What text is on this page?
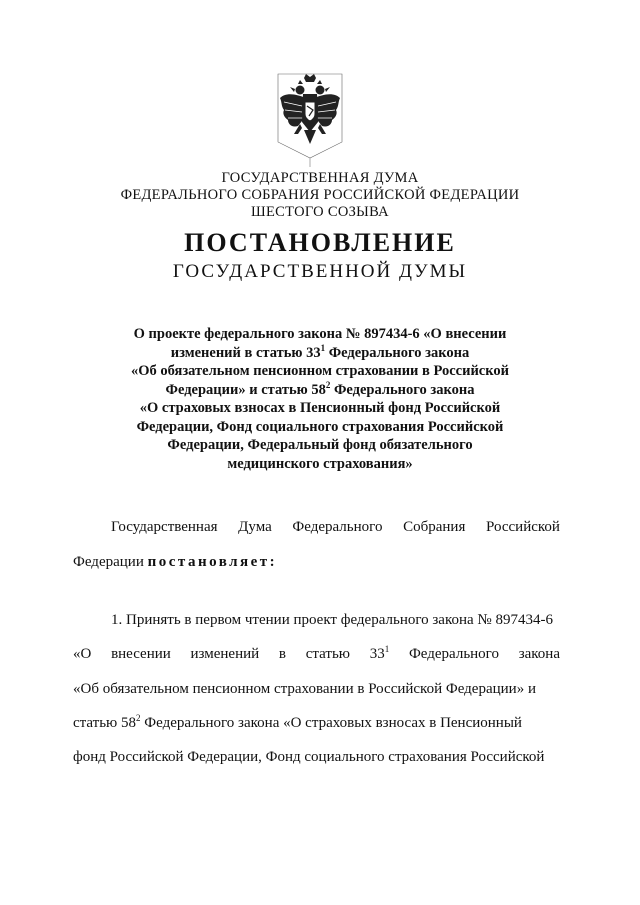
ГОСУДАРСТВЕННАЯ ДУМА
ФЕДЕРАЛЬНОГО СОБРАНИЯ РОССИЙСКОЙ ФЕДЕРАЦИИ
ШЕСТОГО СОЗЫВА
ПОСТАНОВЛЕНИЕ
ГОСУДАРСТВЕННОЙ ДУМЫ
О проекте федерального закона № 897434-6 «О внесении
изменений в статью $33^1$ Федерального закона
«Об обязательном пенсионном страховании в Российской
Федерации» и статью $58^2$ Федерального закона
«О страховых взносах в Пенсионный фонд Российской
Федерации, Фонд социального страхования Российской
Федерации, Федеральный фонд обязательного
медицинского страхования»
Государственная Дума Федерального Собрания Российской
Федерации постановляет:
1. Принять в первом чтении проект федерального закона № 897434-6
«О внесении изменений в статью $33^1$ Федерального закона
«Об обязательном пенсионном страховании в Российской Федерации» и
статью $58^2$ Федерального закона «О страховых взносах в Пенсионный
фонд Российской Федерации, Фонд социального страхования Российской
